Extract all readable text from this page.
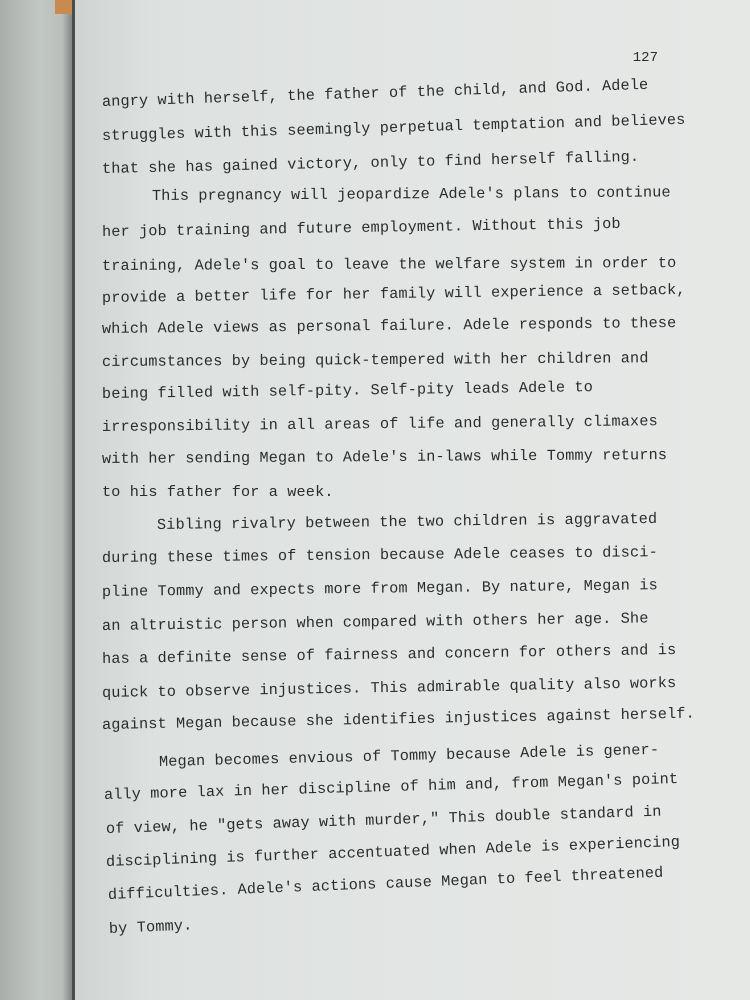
127
angry with herself, the father of the child, and God. Adele
struggles with this seemingly perpetual temptation and believes
that she has gained victory, only to find herself falling.
This pregnancy will jeopardize Adele's plans to continue
her job training and future employment. Without this job
training, Adele's goal to leave the welfare system in order to
provide a better life for her family will experience a setback,
which Adele views as personal failure. Adele responds to these
circumstances by being quick-tempered with her children and
being filled with self-pity. Self-pity leads Adele to
irresponsibility in all areas of life and generally climaxes
with her sending Megan to Adele's in-laws while Tommy returns
to his father for a week.
Sibling rivalry between the two children is aggravated
during these times of tension because Adele ceases to disci-
pline Tommy and expects more from Megan. By nature, Megan is
an altruistic person when compared with others her age. She
has a definite sense of fairness and concern for others and is
quick to observe injustices. This admirable quality also works
against Megan because she identifies injustices against herself.
Megan becomes envious of Tommy because Adele is gener-
ally more lax in her discipline of him and, from Megan's point
of view, he "gets away with murder," This double standard in
disciplining is further accentuated when Adele is experiencing
difficulties. Adele's actions cause Megan to feel threatened
by Tommy.
